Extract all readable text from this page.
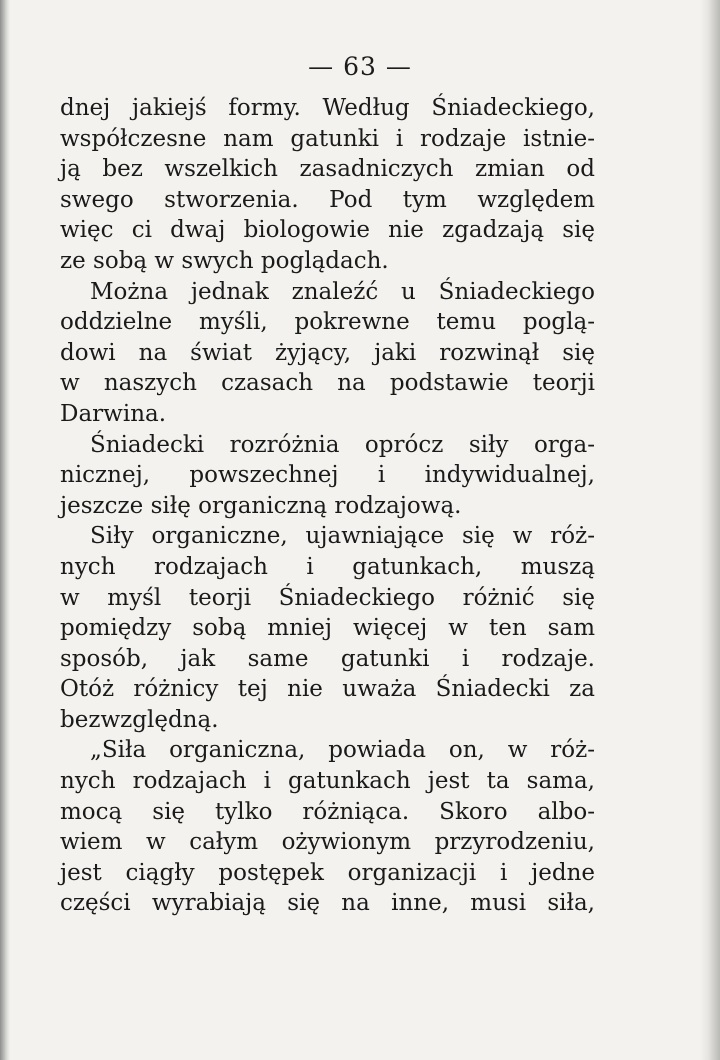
— 63 —
dnej jakiejś formy. Według Śniadeckiego,
współczesne nam gatunki i rodzaje istnie-
ją bez wszelkich zasadniczych zmian od
swego stworzenia. Pod tym względem
więc ci dwaj biologowie nie zgadzają się
ze sobą w swych poglądach.
Można jednak znaleźć u Śniadeckiego
oddzielne myśli, pokrewne temu poglą-
dowi na świat żyjący, jaki rozwinął się
w naszych czasach na podstawie teorji
Darwina.
Śniadecki rozróżnia oprócz siły orga-
nicznej, powszechnej i indywidualnej,
jeszcze siłę organiczną rodzajową.
Siły organiczne, ujawniające się w róż-
nych rodzajach i gatunkach, muszą
w myśl teorji Śniadeckiego różnić się
pomiędzy sobą mniej więcej w ten sam
sposób, jak same gatunki i rodzaje.
Otóż różnicy tej nie uważa Śniadecki za
bezwzględną.
„Siła organiczna, powiada on, w róż-
nych rodzajach i gatunkach jest ta sama,
mocą się tylko różniąca. Skoro albo-
wiem w całym ożywionym przyrodzeniu,
jest ciągły postępek organizacji i jedne
części wyrabiają się na inne, musi siła,
